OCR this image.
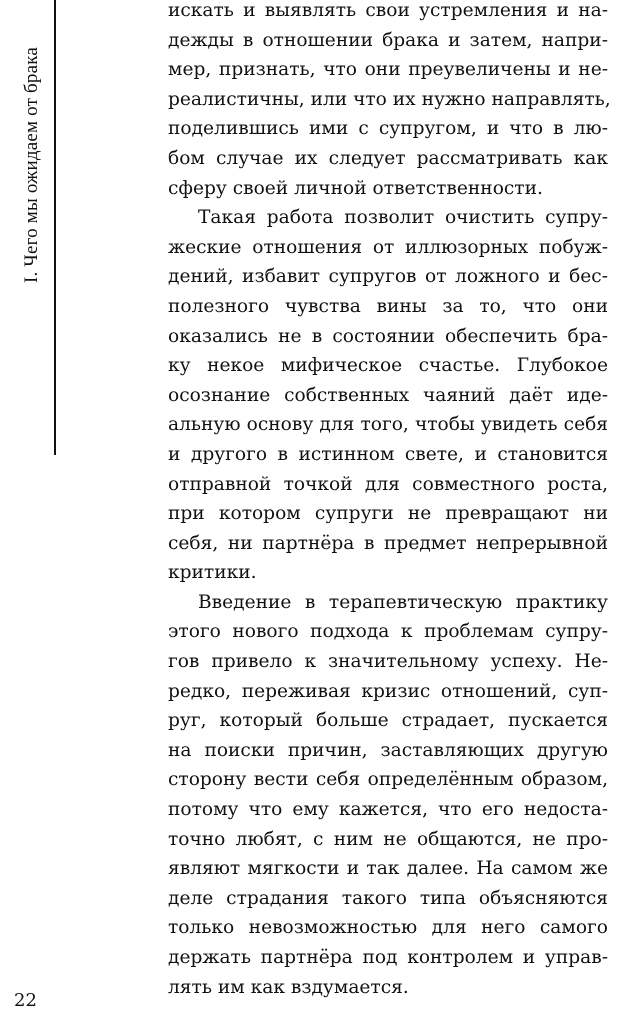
I. Чего мы ожидаем от брака

искать и выявлять свои устремления и на-
дежды в отношении брака и затем, напри-
мер, признать, что они преувеличены и не-
реалистичны, или что их нужно направлять,
поделившись ими с супругом, и что в лю-
бом случае их следует рассматривать как
сферу своей личной ответственности.

Такая работа позволит очистить супру-
жеские отношения от иллюзорных побуж-
дений, избавит супругов от ложного и бес-
полезного чувства вины за то, что они
оказались не в состоянии обеспечить бра-
ку некое мифическое счастье. Глубокое
осознание собственных чаяний даёт иде-
альную основу для того, чтобы увидеть себя
и другого в истинном свете, и становится
отправной точкой для совместного роста,
при котором супруги не превращают ни
себя, ни партнёра в предмет непрерывной
критики.

Введение в терапевтическую практику
этого нового подхода к проблемам супру-
гов привело к значительному успеху. Не-
редко, переживая кризис отношений, суп-
руг, который больше страдает, пускается
на поиски причин, заставляющих другую
сторону вести себя определённым образом,
потому что ему кажется, что его недоста-
точно любят, с ним не общаются, не про-
являют мягкости и так далее. На самом же
деле страдания такого типа объясняются
только невозможностью для него самого
держать партнёра под контролем и управ-
лять им как вздумается.

22
